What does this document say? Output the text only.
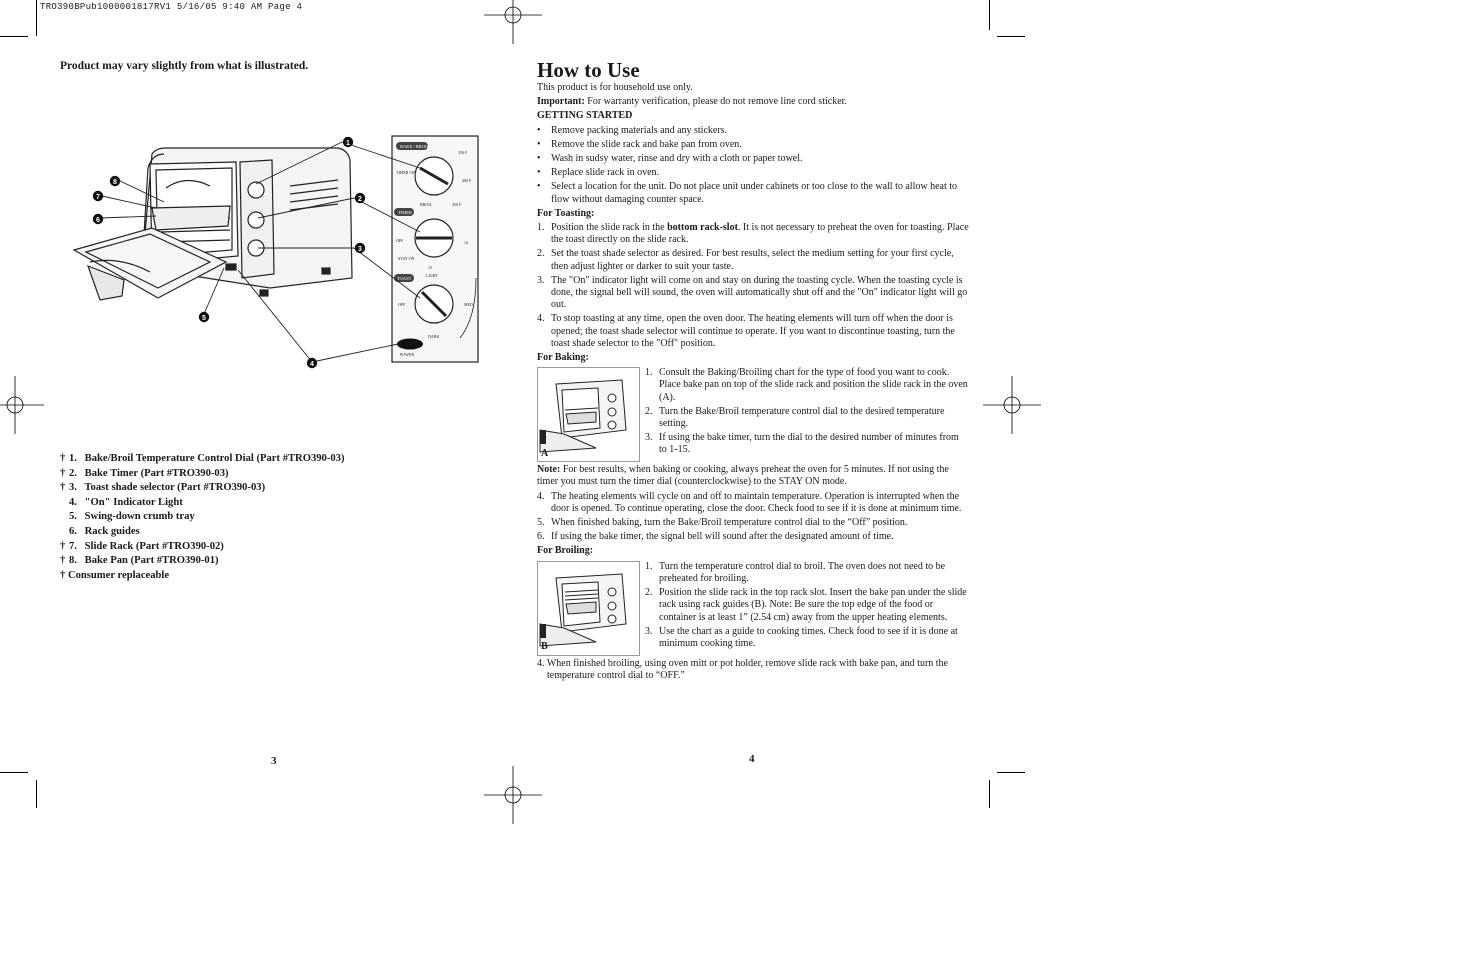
TRO390BPub1000001817RV1 5/16/05 9:40 AM Page 4
Product may vary slightly from what is illustrated.
BAKE / BROIL
TIMER OFF
BROIL
350 F
400 F
450 F
TIMER
OFF
STAY ON
14
15
TOAST
LIGHT
OFF	MED
DARK
POWER
1
2
3
4
5
6
7
8
† 1. Bake/Broil Temperature Control Dial (Part #TRO390-03)
† 2. Bake Timer (Part #TRO390-03)
† 3. Toast shade selector (Part #TRO390-03)
4. "On" Indicator Light
5. Swing-down crumb tray
6. Rack guides
† 7. Slide Rack (Part #TRO390-02)
† 8. Bake Pan (Part #TRO390-01)
† Consumer replaceable
3
How to Use

This product is for household use only.

Important: For warranty verification, please do not remove line cord sticker.

GETTING STARTED

• Remove packing materials and any stickers.

• Remove the slide rack and bake pan from oven.

• Wash in sudsy water, rinse and dry with a cloth or paper towel.

• Replace slide rack in oven.

• Select a location for the unit. Do not place unit under cabinets or too close to the wall to allow heat to flow without damaging counter space.

For Toasting:

1. Position the slide rack in the bottom rack-slot. It is not necessary to preheat the oven for toasting. Place the toast directly on the slide rack.

2. Set the toast shade selector as desired. For best results, select the medium setting for your first cycle, then adjust lighter or darker to suit your taste.

3. The "On" indicator light will come on and stay on during the toasting cycle. When the toasting cycle is done, the signal bell will sound, the oven will automatically shut off and the "On" indicator light will go out.

4. To stop toasting at any time, open the oven door. The heating elements will turn off when the door is opened; the toast shade selector will continue to operate. If you want to discontinue toasting, turn the toast shade selector to the "Off" position.

For Baking:

A

1. Consult the Baking/Broiling chart for the type of food you want to cook. Place bake pan on top of the slide rack and position the slide rack in the oven (A).

2. Turn the Bake/Broil temperature control dial to the desired temperature setting.

3. If using the bake timer, turn the dial to the desired number of minutes from to 1-15.

Note: For best results, when baking or cooking, always preheat the oven for 5 minutes. If not using the timer you must turn the timer dial (counterclockwise) to the STAY ON mode.

4. The heating elements will cycle on and off to maintain temperature. Operation is interrupted when the door is opened. To continue operating, close the door. Check food to see if it is done at minimum time.

5. When finished baking, turn the Bake/Broil temperature control dial to the “Off” position.

6. If using the bake timer, the signal bell will sound after the designated amount of time.

For Broiling:

B

1. Turn the temperature control dial to broil. The oven does not need to be preheated for broiling.

2. Position the slide rack in the top rack slot. Insert the bake pan under the slide rack using rack guides (B). Note: Be sure the top edge of the food or container is at least 1” (2.54 cm) away from the upper heating elements.

3. Use the chart as a guide to cooking times. Check food to see if it is done at minimum cooking time.

4. When finished broiling, using oven mitt or pot holder, remove slide rack with bake pan, and turn the temperature control dial to “OFF.”

4
